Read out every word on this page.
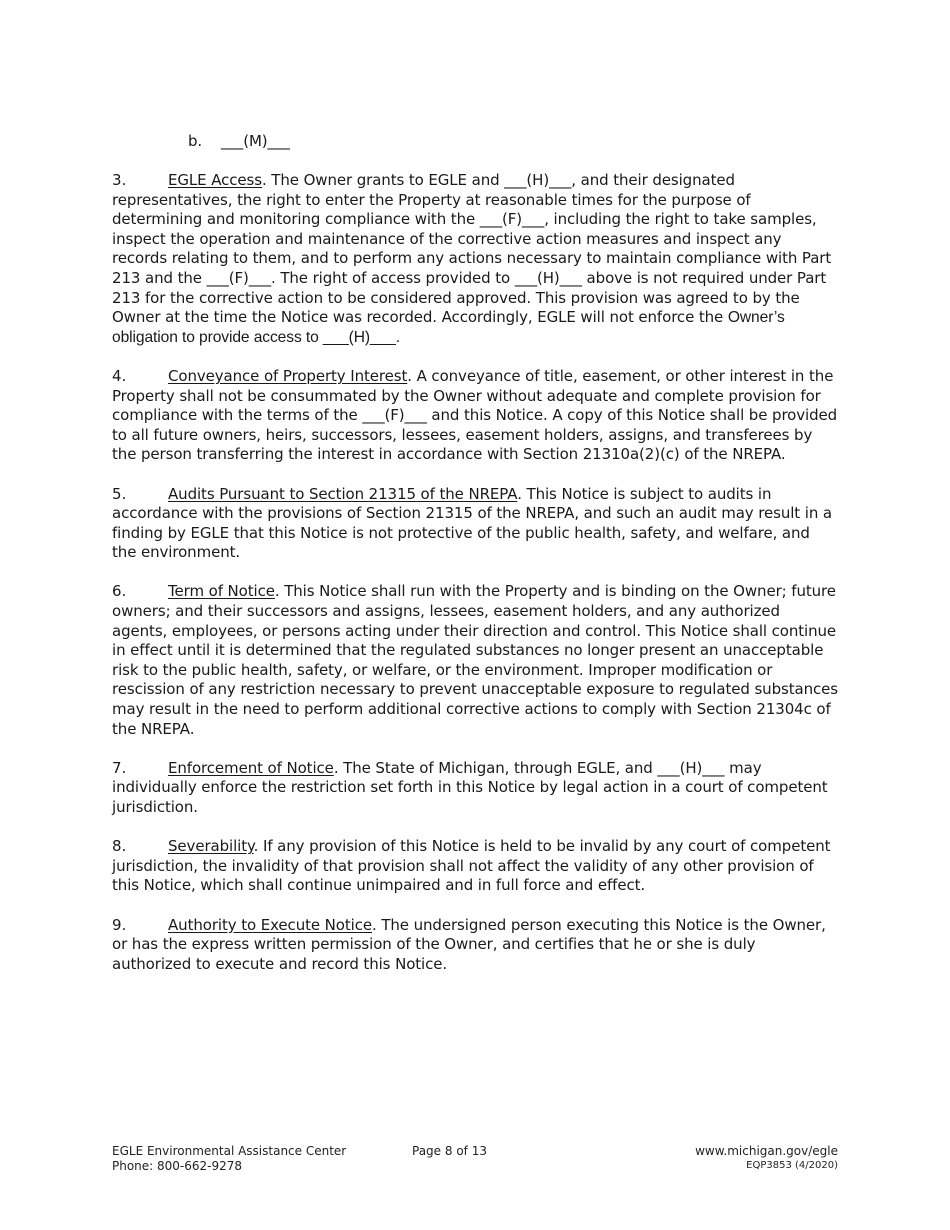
b. ___(M)___

3.	EGLE Access. The Owner grants to EGLE and ___(H)___, and their designated representatives, the right to enter the Property at reasonable times for the purpose of determining and monitoring compliance with the ___(F)___, including the right to take samples, inspect the operation and maintenance of the corrective action measures and inspect any records relating to them, and to perform any actions necessary to maintain compliance with Part 213 and the ___(F)___. The right of access provided to ___(H)___ above is not required under Part 213 for the corrective action to be considered approved. This provision was agreed to by the Owner at the time the Notice was recorded. Accordingly, EGLE will not enforce the Owner’s obligation to provide access to ___(H)___.

4.	Conveyance of Property Interest. A conveyance of title, easement, or other interest in the Property shall not be consummated by the Owner without adequate and complete provision for compliance with the terms of the ___(F)___ and this Notice. A copy of this Notice shall be provided to all future owners, heirs, successors, lessees, easement holders, assigns, and transferees by the person transferring the interest in accordance with Section 21310a(2)(c) of the NREPA.

5.	Audits Pursuant to Section 21315 of the NREPA. This Notice is subject to audits in accordance with the provisions of Section 21315 of the NREPA, and such an audit may result in a finding by EGLE that this Notice is not protective of the public health, safety, and welfare, and the environment.

6.	Term of Notice. This Notice shall run with the Property and is binding on the Owner; future owners; and their successors and assigns, lessees, easement holders, and any authorized agents, employees, or persons acting under their direction and control. This Notice shall continue in effect until it is determined that the regulated substances no longer present an unacceptable risk to the public health, safety, or welfare, or the environment. Improper modification or rescission of any restriction necessary to prevent unacceptable exposure to regulated substances may result in the need to perform additional corrective actions to comply with Section 21304c of the NREPA.

7.	Enforcement of Notice. The State of Michigan, through EGLE, and ___(H)___ may individually enforce the restriction set forth in this Notice by legal action in a court of competent jurisdiction.

8.	Severability. If any provision of this Notice is held to be invalid by any court of competent jurisdiction, the invalidity of that provision shall not affect the validity of any other provision of this Notice, which shall continue unimpaired and in full force and effect.

9.	Authority to Execute Notice. The undersigned person executing this Notice is the Owner, or has the express written permission of the Owner, and certifies that he or she is duly authorized to execute and record this Notice.

EGLE Environmental Assistance Center
Phone: 800-662-9278
Page 8 of 13	www.michigan.gov/egle
EQP3853 (4/2020)
